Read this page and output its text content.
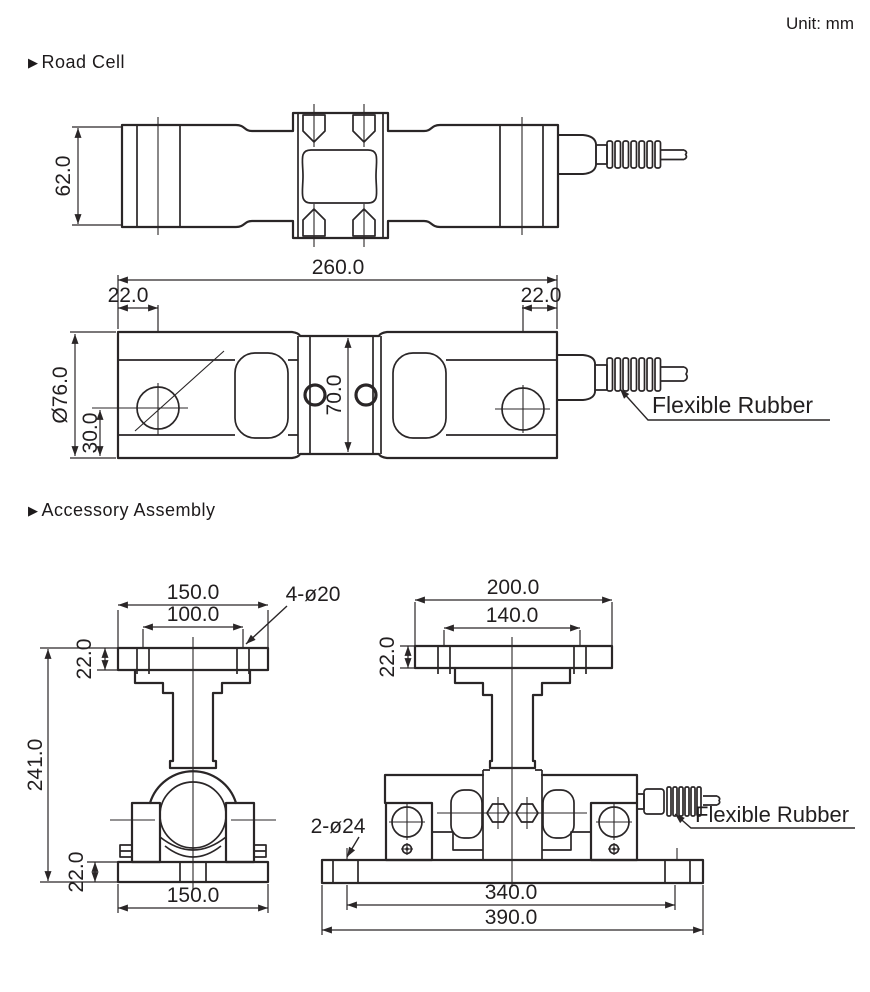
Unit: mm
▶ Road Cell
62.0
260.0
22.0	22.0
Ø76.0
30.0
70.0	Flexible Rubber
▶ Accessory Assembly
150.0
100.0
4-ø20
22.0
241.0
22.0
150.0
200.0
140.0
22.0
2-ø24
340.0
390.0
Flexible Rubber
